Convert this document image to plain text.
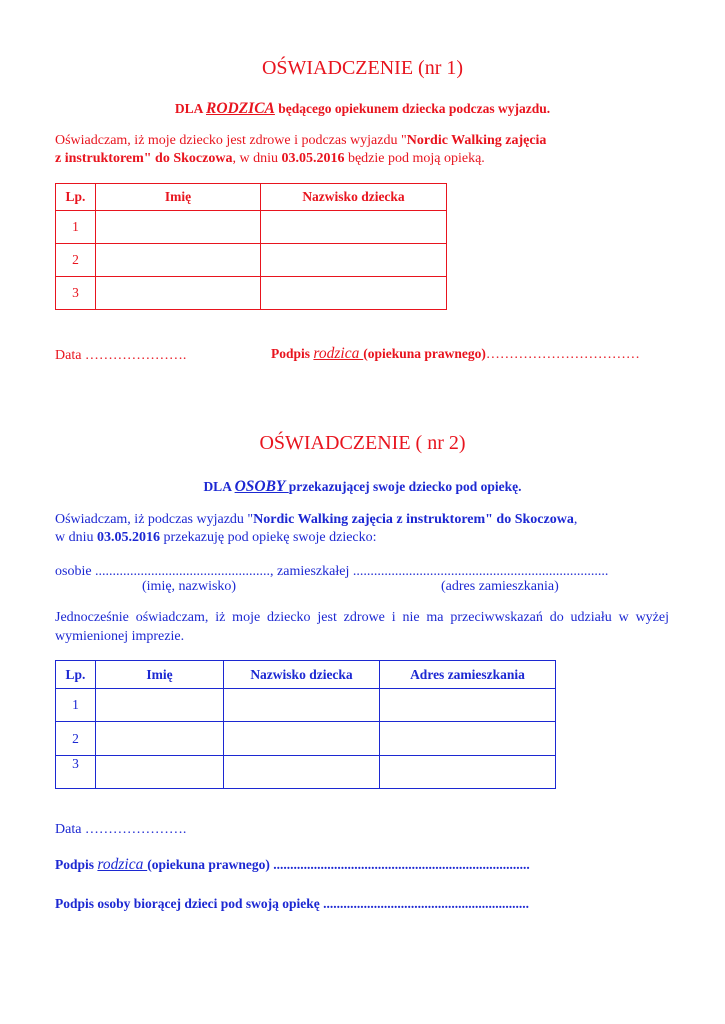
OŚWIADCZENIE (nr 1)
DLA RODZICA będącego opiekunem dziecka podczas wyjazdu.
Oświadczam, iż moje dziecko jest zdrowe i podczas wyjazdu "Nordic Walking zajęcia
z instruktorem" do Skoczowa, w dniu 03.05.2016 będzie pod moją opieką.
Lp.	Imię	Nazwisko dziecka
1		
2		
3		
Data ………………….	Podpis rodzica (opiekuna prawnego)……………………………
OŚWIADCZENIE ( nr 2)
DLA OSOBY przekazującej swoje dziecko pod opiekę.
Oświadczam, iż podczas wyjazdu "Nordic Walking zajęcia z instruktorem" do Skoczowa,
w dniu 03.05.2016 przekazuję pod opiekę swoje dziecko:
osobie .................................................., zamieszkałej .........................................................................
(imię, nazwisko)	(adres zamieszkania)
Jednocześnie oświadczam, iż moje dziecko jest zdrowe i nie ma przeciwwskazań do udziału w wyżej wymienionej imprezie.
Lp.	Imię	Nazwisko dziecka	Adres zamieszkania
1			
2			
3			
Data ………………….
Podpis rodzica (opiekuna prawnego) ............................................................................
Podpis osoby biorącej dzieci pod swoją opiekę .............................................................
